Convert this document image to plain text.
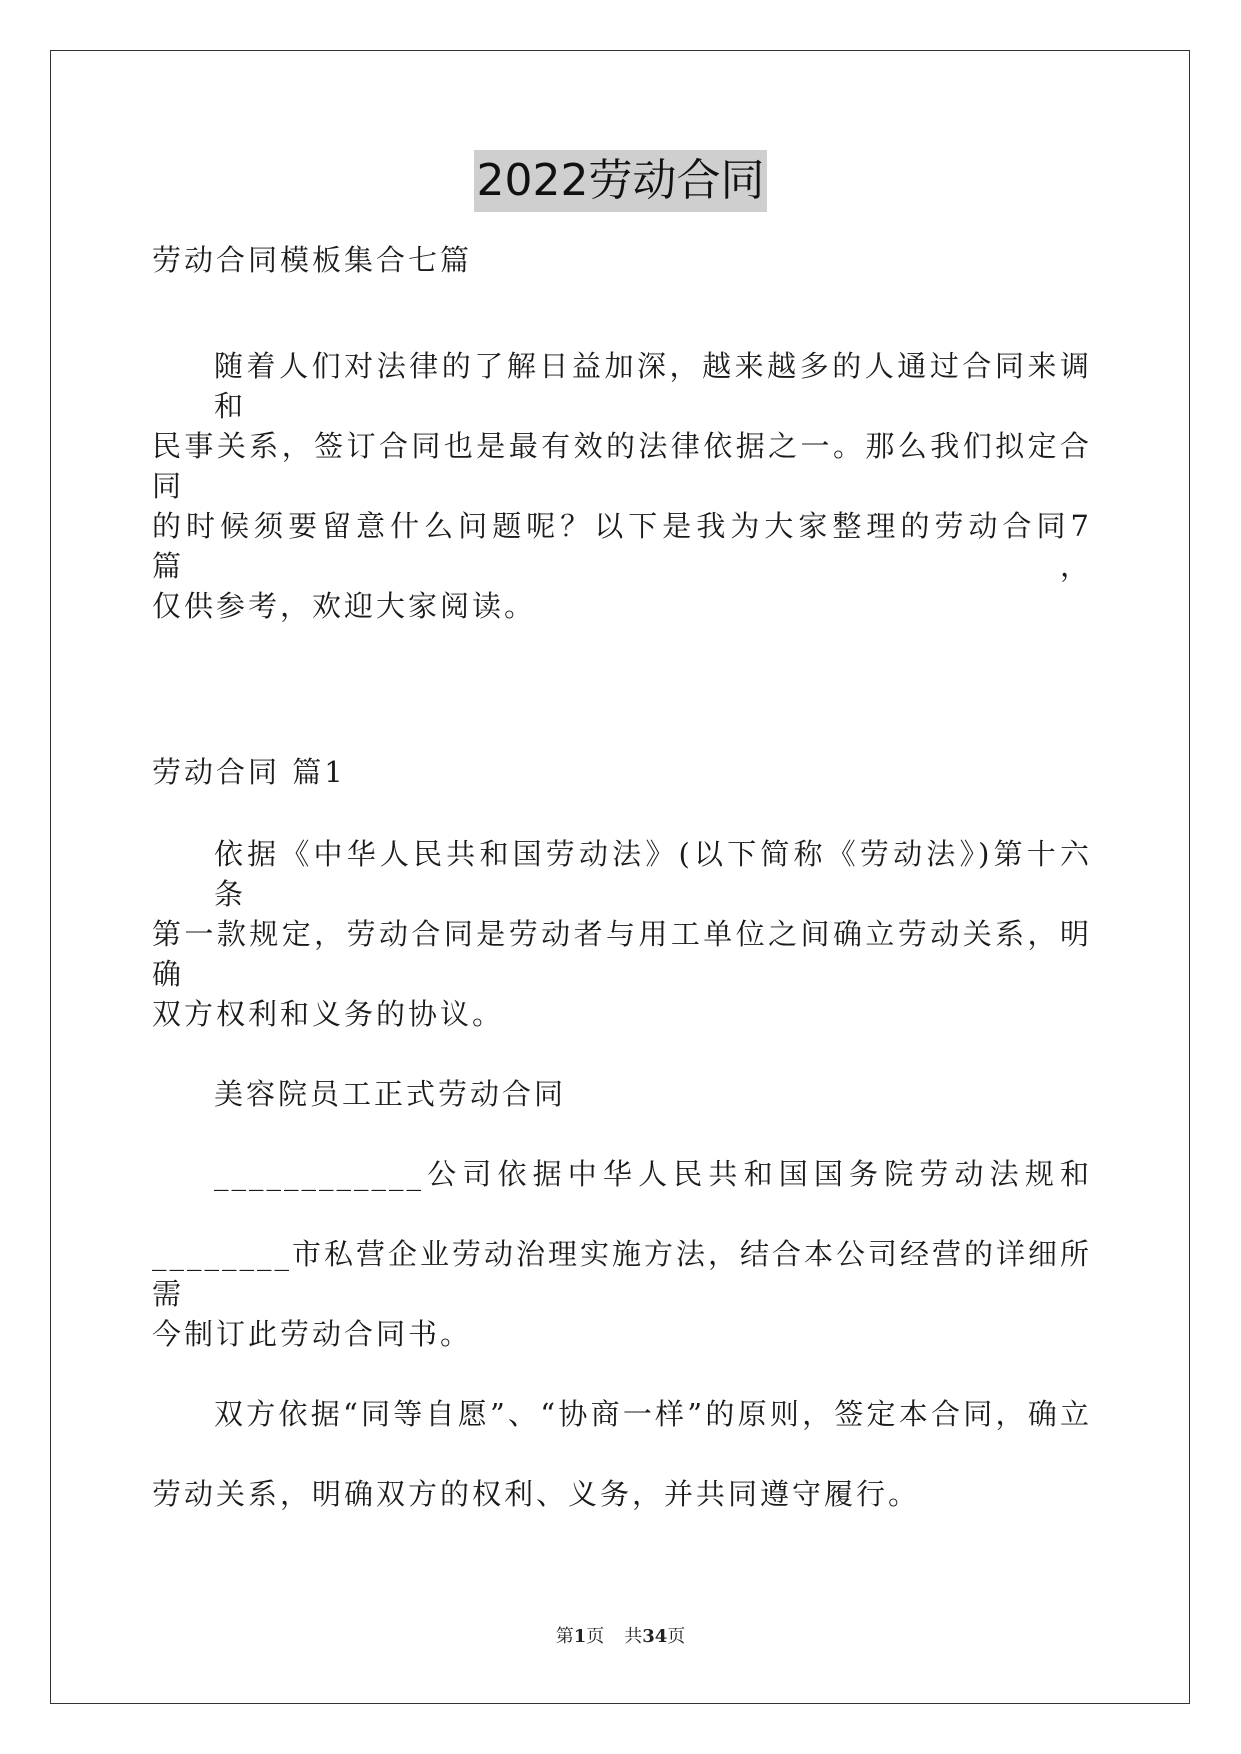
2022劳动合同
劳动合同模板集合七篇
随着人们对法律的了解日益加深，越来越多的人通过合同来调和
民事关系，签订合同也是最有效的法律依据之一。那么我们拟定合同
的时候须要留意什么问题呢？以下是我为大家整理的劳动合同7篇，
仅供参考，欢迎大家阅读。
劳动合同 篇1
依据《中华人民共和国劳动法》(以下简称《劳动法》)第十六条
第一款规定，劳动合同是劳动者与用工单位之间确立劳动关系，明确
双方权利和义务的协议。
美容院员工正式劳动合同
____________公司依据中华人民共和国国务院劳动法规和
________市私营企业劳动治理实施方法，结合本公司经营的详细所需
今制订此劳动合同书。
双方依据“同等自愿”、“协商一样”的原则，签定本合同，确立
劳动关系，明确双方的权利、义务，并共同遵守履行。
第1页 共34页
